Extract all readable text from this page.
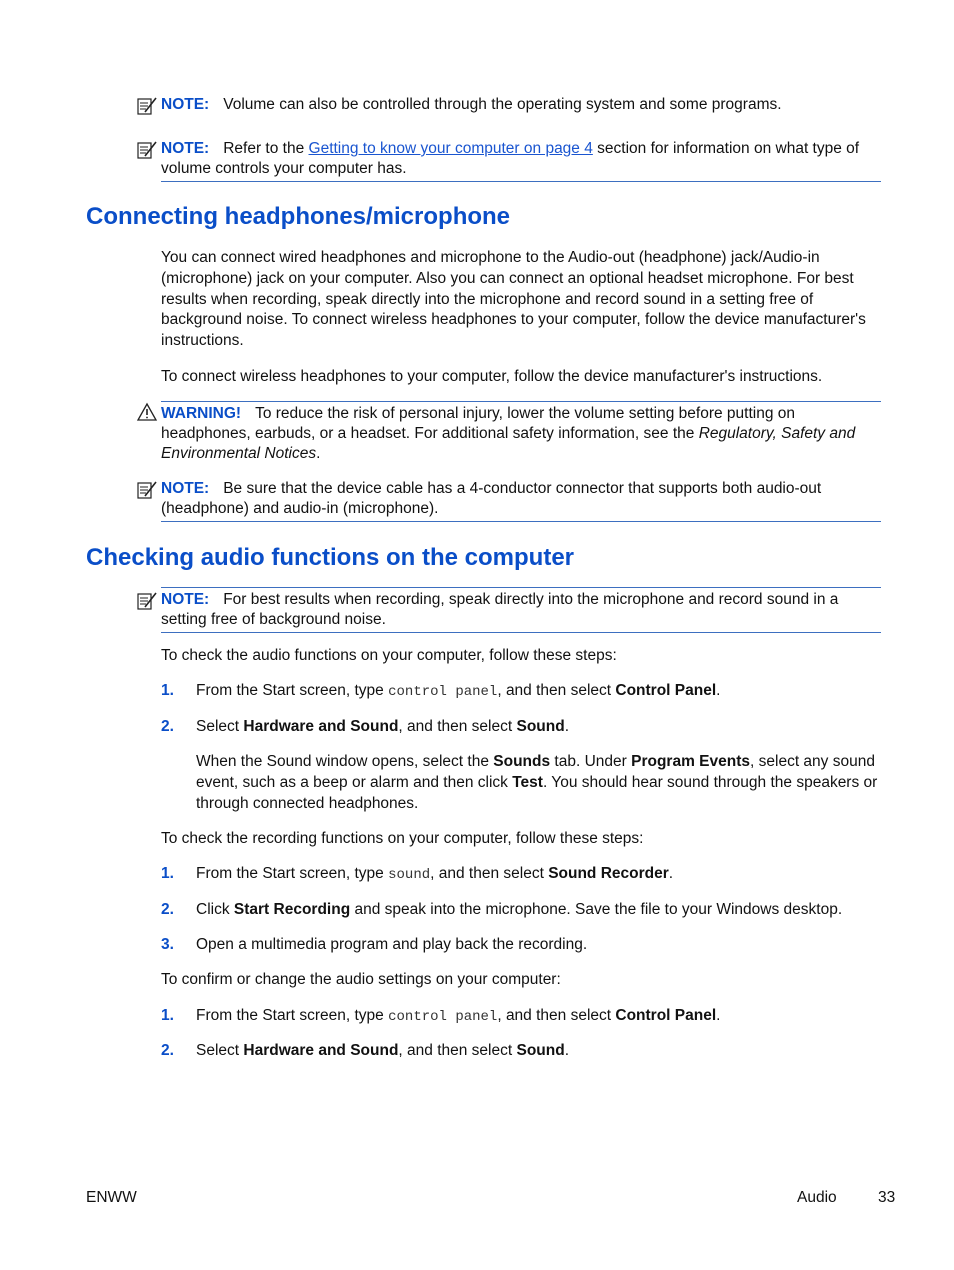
NOTE: Volume can also be controlled through the operating system and some programs.
NOTE: Refer to the Getting to know your computer on page 4 section for information on what type of volume controls your computer has.
Connecting headphones/microphone

You can connect wired headphones and microphone to the Audio-out (headphone) jack/Audio-in (microphone) jack on your computer. Also you can connect an optional headset microphone. For best results when recording, speak directly into the microphone and record sound in a setting free of background noise. To connect wireless headphones to your computer, follow the device manufacturer's instructions.

To connect wireless headphones to your computer, follow the device manufacturer's instructions.

WARNING! To reduce the risk of personal injury, lower the volume setting before putting on headphones, earbuds, or a headset. For additional safety information, see the Regulatory, Safety and Environmental Notices.
NOTE: Be sure that the device cable has a 4-conductor connector that supports both audio-out (headphone) and audio-in (microphone).
Checking audio functions on the computer
NOTE: For best results when recording, speak directly into the microphone and record sound in a setting free of background noise.

To check the audio functions on your computer, follow these steps:

1. From the Start screen, type control panel, and then select Control Panel.
2. Select Hardware and Sound, and then select Sound.
When the Sound window opens, select the Sounds tab. Under Program Events, select any sound event, such as a beep or alarm and then click Test. You should hear sound through the speakers or through connected headphones.

To check the recording functions on your computer, follow these steps:

1. From the Start screen, type sound, and then select Sound Recorder.
2. Click Start Recording and speak into the microphone. Save the file to your Windows desktop.
3. Open a multimedia program and play back the recording.

To confirm or change the audio settings on your computer:

1. From the Start screen, type control panel, and then select Control Panel.
2. Select Hardware and Sound, and then select Sound.
ENWW	Audio	33
